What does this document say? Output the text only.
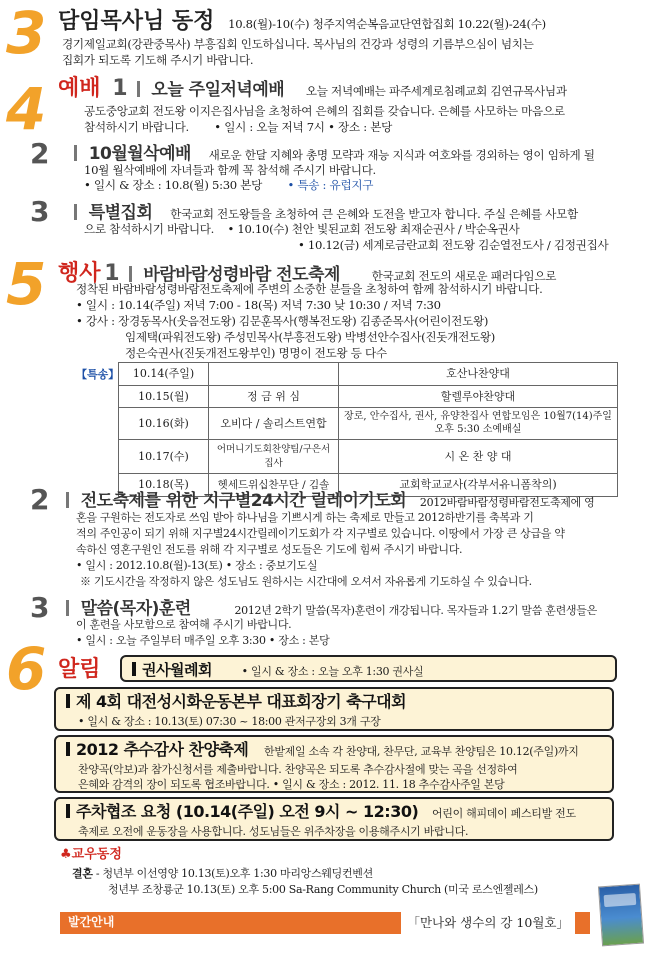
3 담임목사님 동정 10.8(월)-10(수) 청주지역순복음교단연합집회 10.22(월)-24(수)
경기제일교회(강관중목사) 부흥집회 인도하십니다. 목사님의 건강과 성령의 기름부으심이 넘치는
집회가 되도록 기도해 주시기 바랍니다.
4 예배 1 오늘 주일저녁예배 오늘 저녁예배는 파주세계로침례교회 김연규목사님과
공도중앙교회 전도왕 이지은집사님을 초청하여 은혜의 집회를 갖습니다. 은혜를 사모하는 마음으로
참석하시기 바랍니다. • 일시 : 오늘 저녁 7시 • 장소 : 본당
2	10월월삭예배 새로운 한달 지혜와 총명 모략과 재능 지식과 여호와를 경외하는 영이 임하게 될
10월 월삭예배에 자녀들과 함께 꼭 참석해 주시기 바랍니다.
• 일시 & 장소 : 10.8(월) 5:30 본당 • 특송 : 유럽지구
3	특별집회 한국교회 전도왕들을 초청하여 큰 은혜와 도전을 받고자 합니다. 주실 은혜를 사모함
으로 참석하시기 바랍니다. • 10.10(수) 천안 빛된교회 전도왕 최재순권사 / 박순옥권사
• 10.12(금) 세계로금란교회 전도왕 김순열전도사 / 김정권집사
5 행사 1 바람바람성령바람 전도축제	한국교회 전도의 새로운 패러다임으로
정착된 바람바람성령바람전도축제에 주변의 소중한 분들을 초청하여 함께 참석하시기 바랍니다.
• 일시 : 10.14(주일) 저녁 7:00 - 18(목) 저녁 7:30 낮 10:30 / 저녁 7:30
• 강사 : 장경동목사(웃음전도왕) 김문훈목사(행복전도왕) 김종준목사(어린이전도왕)
임제택(파워전도왕) 주성민목사(부흥전도왕) 박병선안수집사(진돗개전도왕)
정은숙권사(진돗개전도왕부인) 명명이 전도왕 등 다수
【특송】 10.14(주일)		호산나찬양대
10.15(월)	정 금 위 심	할렐루야찬양대
10.16(화)	오비다 / 솔리스트연합	장로, 안수집사, 권사, 유양찬집사 연합모임은 10월7(14)주일 오후 5:30 소예배실
10.17(수)	어머니기도회찬양팀/구은서집사	시 온 찬 양 대
10.18(목)	헷세드위십찬무단 / 김솔	교회학교교사(각부서유니폼착의)
2	전도축제를 위한 지구별24시간 릴레이기도회 2012바람바람성령바람전도축제에 영
혼을 구원하는 전도자로 쓰임 받아 하나님을 기쁘시게 하는 축제로 만들고 2012하반기를 축복과 기
적의 주인공이 되기 위해 지구별24시간릴레이기도회가 각 지구별로 있습니다. 이땅에서 가장 큰 상급을 약
속하신 영혼구원인 전도를 위해 각 지구별로 성도들은 기도에 힘써 주시기 바랍니다.
• 일시 : 2012.10.8(월)-13(토) • 장소 : 중보기도실
※ 기도시간을 작정하지 않은 성도님도 원하시는 시간대에 오셔서 자유롭게 기도하실 수 있습니다.
3	말씀(목자)훈련	2012년 2학기 말씀(목자)훈련이 개강됩니다. 목자들과 1.2기 말씀 훈련생들은
이 훈련을 사모함으로 참여해 주시기 바랍니다.
• 일시 : 오늘 주일부터 매주일 오후 3:30 • 장소 : 본당
6 알림	권사월례회	• 일시 & 장소 : 오늘 오후 1:30 권사실
제 4회 대전성시화운동본부 대표회장기 축구대회
• 일시 & 장소 : 10.13(토) 07:30 ~ 18:00 관저구장외 3개 구장
2012 추수감사 찬양축제 한밭제일 소속 각 찬양대, 찬무단, 교육부 찬양팀은 10.12(주일)까지
찬양곡(악보)과 참가신청서를 제출바랍니다. 찬양곡은 되도록 추수감사절에 맞는 곡을 선정하여
은혜와 감격의 장이 되도록 협조바랍니다. • 일시 & 장소 : 2012. 11. 18 추수감사주일 본당
주차협조 요청 (10.14(주일) 오전 9시 ~ 12:30) 어린이 해피데이 페스티발 전도
축제로 오전에 운동장을 사용합니다. 성도님들은 위주차장을 이용해주시기 바랍니다.
♣교우동정
결혼 - 청년부 이선영양 10.13(토)오후 1:30 마리앙스웨딩컨벤션
청년부 조창룡군 10.13(토) 오후 5:00 Sa-Rang Community Church (미국 로스엔젤레스)
발간안내	「만나와 생수의 강 10월호」
